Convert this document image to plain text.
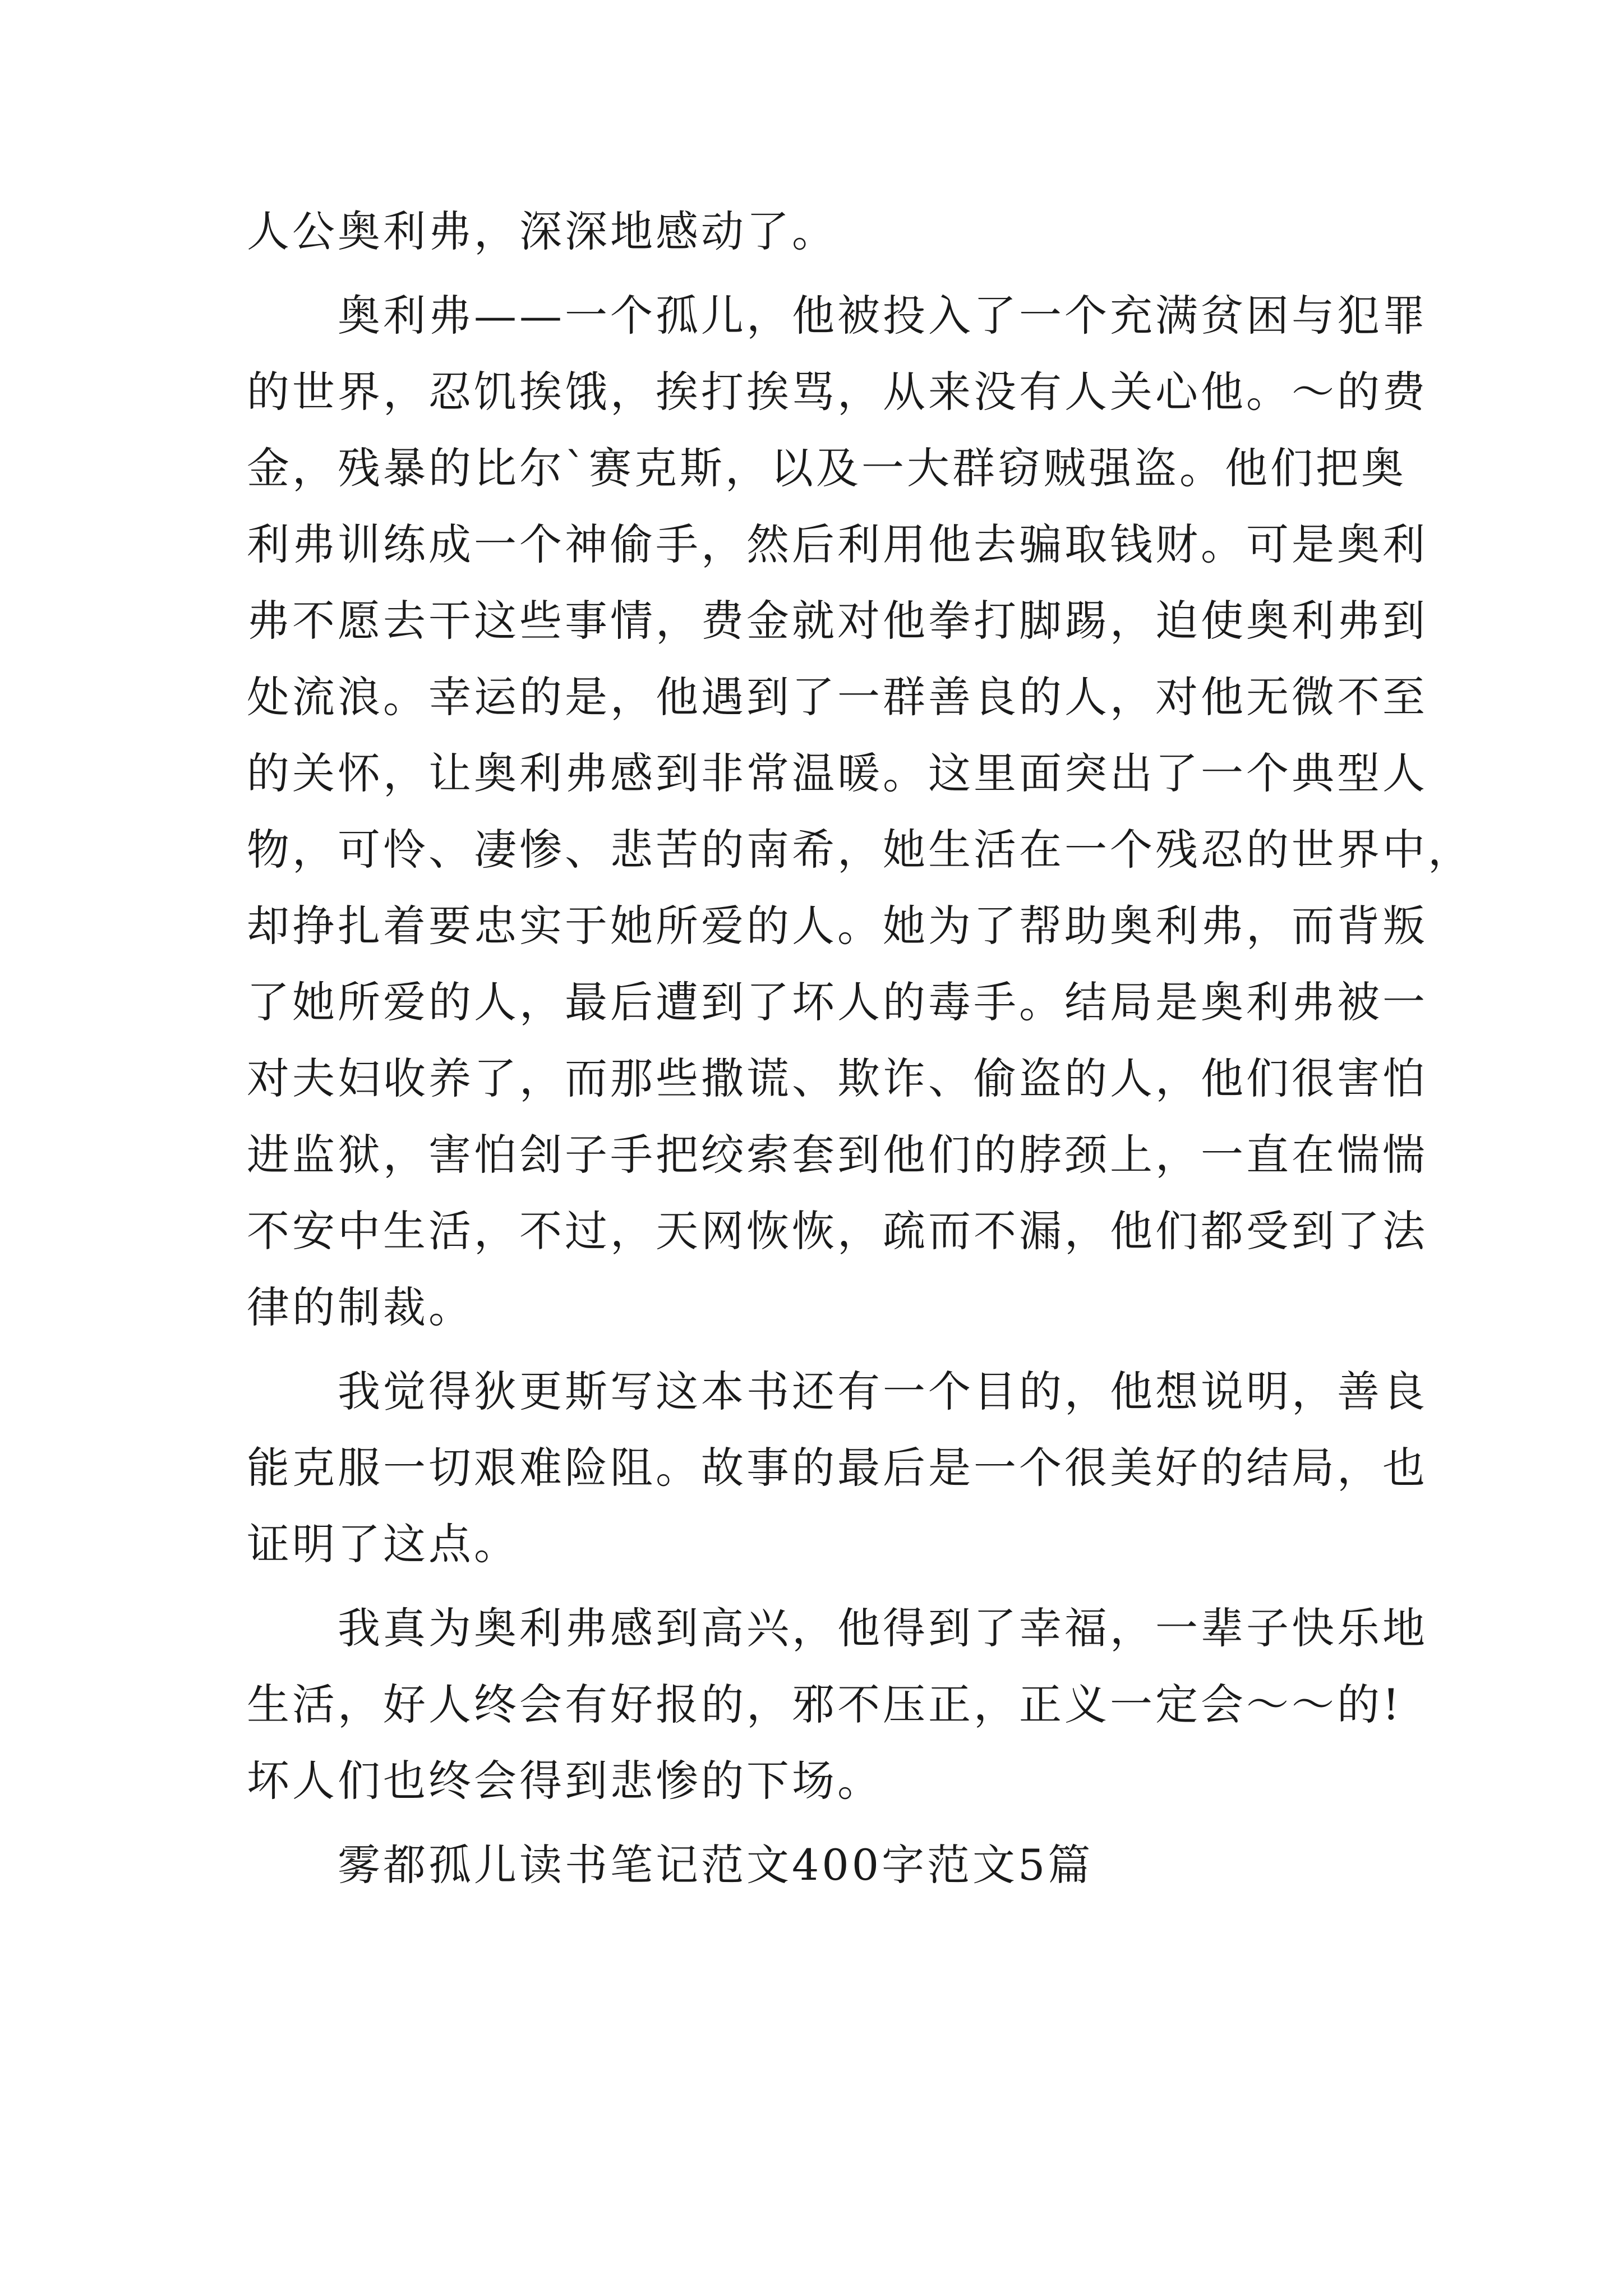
人公奥利弗，深深地感动了。
奥利弗——一个孤儿，他被投入了一个充满贫困与犯罪
的世界，忍饥挨饿，挨打挨骂，从来没有人关心他。～的费
金，残暴的比尔`赛克斯，以及一大群窃贼强盗。他们把奥
利弗训练成一个神偷手，然后利用他去骗取钱财。可是奥利
弗不愿去干这些事情，费金就对他拳打脚踢，迫使奥利弗到
处流浪。幸运的是，他遇到了一群善良的人，对他无微不至
的关怀，让奥利弗感到非常温暖。这里面突出了一个典型人
物，可怜、凄惨、悲苦的南希，她生活在一个残忍的世界中，
却挣扎着要忠实于她所爱的人。她为了帮助奥利弗，而背叛
了她所爱的人，最后遭到了坏人的毒手。结局是奥利弗被一
对夫妇收养了，而那些撒谎、欺诈、偷盗的人，他们很害怕
进监狱，害怕刽子手把绞索套到他们的脖颈上，一直在惴惴
不安中生活，不过，天网恢恢，疏而不漏，他们都受到了法
律的制裁。
我觉得狄更斯写这本书还有一个目的，他想说明，善良
能克服一切艰难险阻。故事的最后是一个很美好的结局，也
证明了这点。
我真为奥利弗感到高兴，他得到了幸福，一辈子快乐地
生活，好人终会有好报的，邪不压正，正义一定会～～的!
坏人们也终会得到悲惨的下场。
雾都孤儿读书笔记范文400字范文5篇
